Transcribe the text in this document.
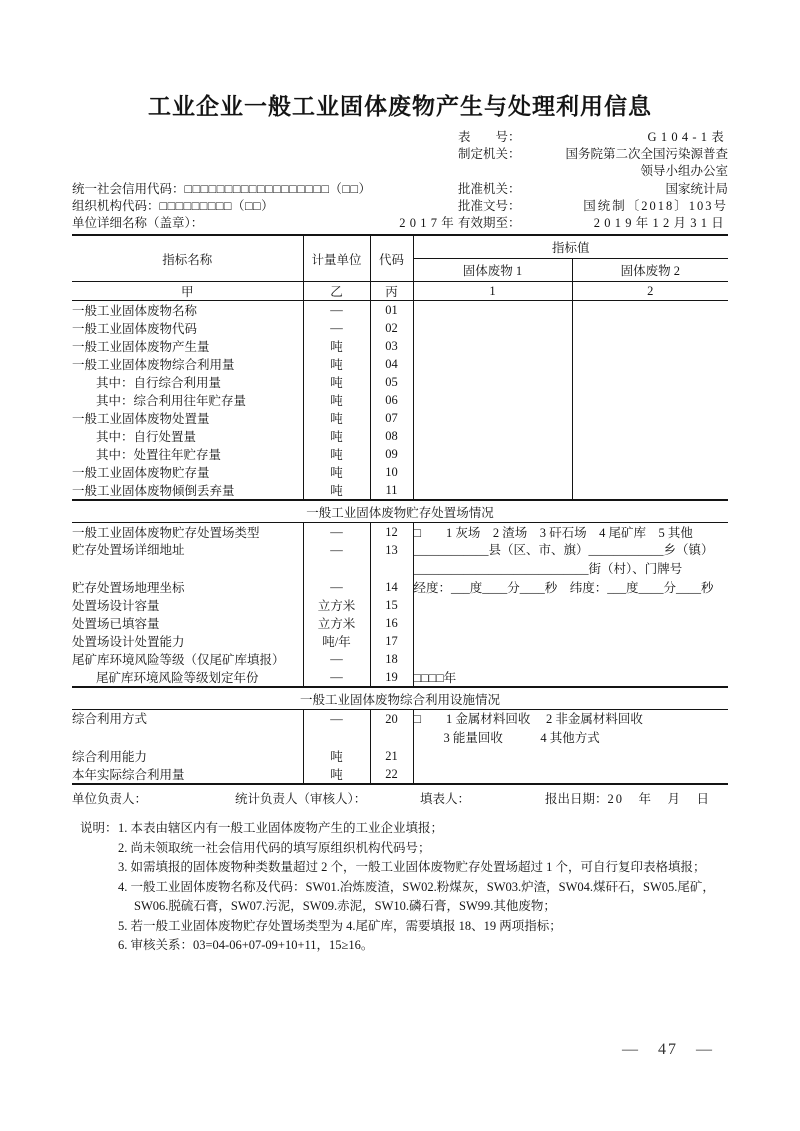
工业企业一般工业固体废物产生与处理利用信息
统一社会信用代码： □□□□□□□□□□□□□□□□□□（□□）
组织机构代码： □□□□□□□□□（□□）
单位详细名称（盖章）：	2017年
表　　号：	G104-1表
制定机关：	国务院第二次全国污染源普查
领导小组办公室
批准机关：	国家统计局
批准文号：	国统制〔2018〕103号
有效期至：	2019年12月31日
指标名称	计量单位	代码	指标值	
			固体废物 1	固体废物 2
甲	乙	丙	1	2
一般工业固体废物名称	—	01		
一般工业固体废物代码	—	02		
一般工业固体废物产生量	吨	03		
一般工业固体废物综合利用量	吨	04		
其中：自行综合利用量	吨	05		
其中：综合利用往年贮存量	吨	06		
一般工业固体废物处置量	吨	07		
其中：自行处置量	吨	08		
其中：处置往年贮存量	吨	09		
一般工业固体废物贮存量	吨	10		
一般工业固体废物倾倒丢弃量	吨	11		
一般工业固体废物贮存处置场情况				
一般工业固体废物贮存处置场类型	—	12	□　　1 灰场　2 渣场　3 矸石场　4 尾矿库　5 其他	
贮存处置场详细地址	—	13	____________县（区、市、旗）____________乡（镇）
____________________________街（村）、门牌号	

贮存处置场地理坐标	—	14	经度：___度____分____秒　纬度：___度____分____秒	
处置场设计容量	立方米	15		
处置场已填容量	立方米	16		
处置场设计处置能力	吨/年	17		
尾矿库环境风险等级（仅尾矿库填报）	—	18		
尾矿库环境风险等级划定年份	—	19	□□□□年	
一般工业固体废物综合利用设施情况				
综合利用方式	—	20	□　　1 金属材料回收　 2 非金属材料回收
3 能量回收　　　4 其他方式	

综合利用能力	吨	21		
本年实际综合利用量	吨	22		
单位负责人：	统计负责人（审核人）：	填表人：	报出日期：20　年　月　日
说明： 1. 本表由辖区内有一般工业固体废物产生的工业企业填报；
2. 尚未领取统一社会信用代码的填写原组织机构代码号；
3. 如需填报的固体废物种类数量超过 2 个，一般工业固体废物贮存处置场超过 1 个，可自行复印表格填报；
4. 一般工业固体废物名称及代码：SW01.冶炼废渣，SW02.粉煤灰，SW03.炉渣，SW04.煤矸石，SW05.尾矿，SW06.脱硫石膏，SW07.污泥，SW09.赤泥，SW10.磷石膏，SW99.其他废物；
5. 若一般工业固体废物贮存处置场类型为 4.尾矿库，需要填报 18、19 两项指标；
6. 审核关系：03=04-06+07-09+10+11，15≥16。
—　47　—
